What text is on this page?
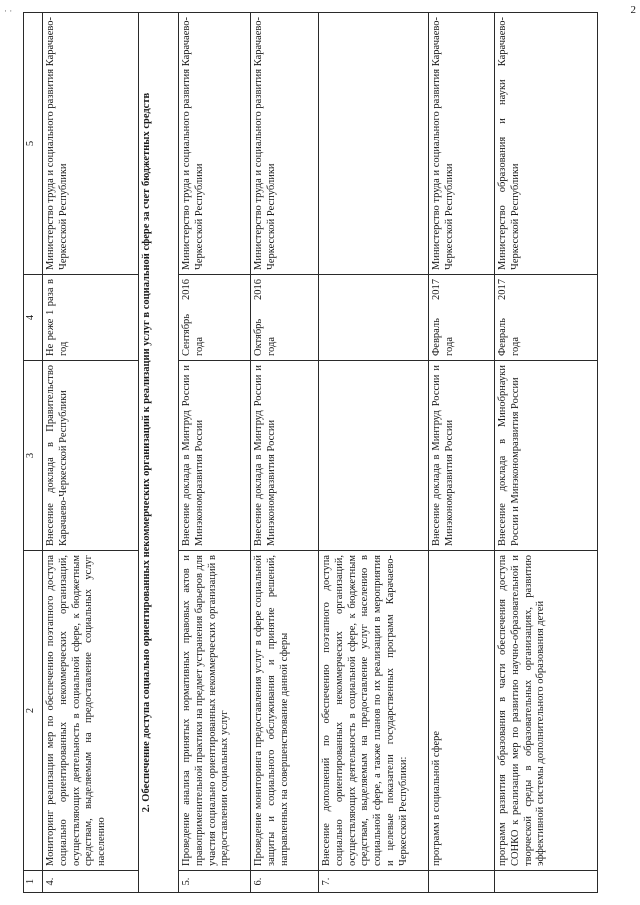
· ·	2
1	2	3	4	5
4.	Мониторинг реализации мер по обеспечению поэтапного доступа социально ориентированных некоммерческих организаций, осуществляющих деятельность в социальной сфере, к бюджетным средствам, выделяемым на предоставление социальных услуг населению	Внесение доклада в Правительство Карачаево-Черкесской Республики	Не реже 1 раза в год	Министерство труда и социального развития Карачаево-Черкесской Республики
2. Обеспечение доступа социально ориентированных некоммерческих организаций к реализации услуг в социальной сфере за счет бюджетных средств				
5.	Проведение анализа принятых нормативных правовых актов и правоприменительной практики на предмет устранения барьеров для участия социально ориентированных некоммерческих организаций в предоставлении социальных услуг	Внесение доклада в Минтруд России и Минэкономразвития России	Сентябрь 2016 года	Министерство труда и социального развития Карачаево-Черкесской Республики
6.	Проведение мониторинга предоставления услуг в сфере социальной защиты и социального обслуживания и принятие решений, направленных на совершенствование данной сферы	Внесение доклада в Минтруд России и Минэкономразвития России	Октябрь 2016 года	Министерство труда и социального развития Карачаево-Черкесской Республики
7.	Внесение дополнений по обеспечению поэтапного доступа социально ориентированных некоммерческих организаций, осуществляющих деятельность в социальной сфере, к бюджетным средствам, выделяемым на предоставление услуг населению в социальной сфере, а также планов по их реализации в мероприятия и целевые показатели государственных программ Карачаево-Черкесской Республики:			
	программ в социальной сфере	Внесение доклада в Минтруд России и Минэкономразвития России	Февраль 2017 года	Министерство труда и социального развития Карачаево-Черкесской Республики
	программ развития образования в части обеспечения доступа СОНКО к реализации мер по развитию научно-образовательной и творческой среды в образовательных организациях, развитию эффективной системы дополнительного образования детей	Внесение доклада в Минобрнауки России и Минэкономразвития России	Февраль 2017 года	Министерство образования и науки Карачаево-Черкесской Республики
